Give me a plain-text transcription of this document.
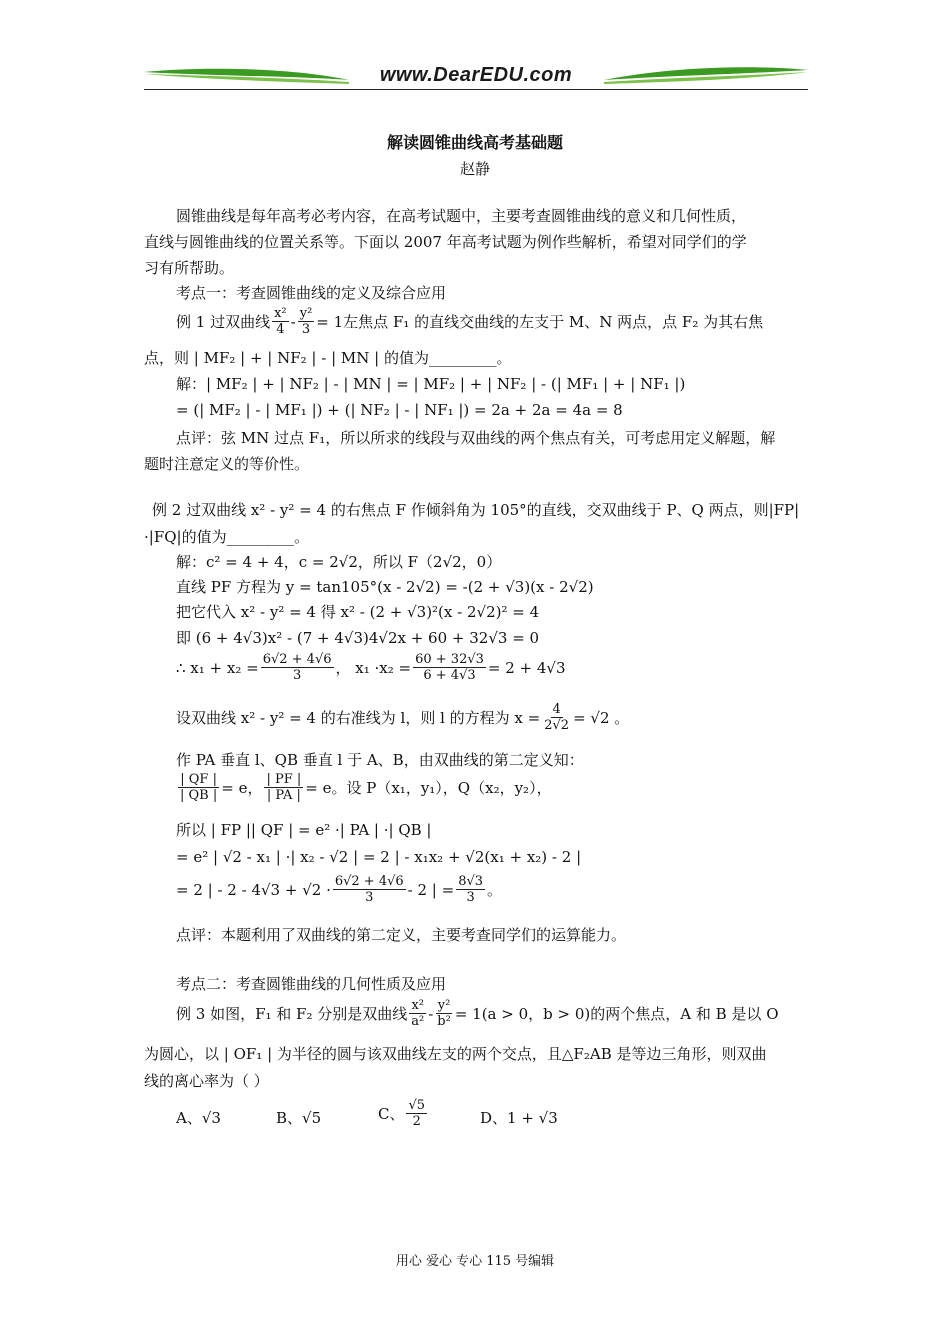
www.DearEDU.com
解读圆锥曲线高考基础题
赵静
圆锥曲线是每年高考必考内容，在高考试题中，主要考查圆锥曲线的意义和几何性质，
直线与圆锥曲线的位置关系等。下面以 2007 年高考试题为例作些解析，希望对同学们的学
习有所帮助。
考点一：考查圆锥曲线的定义及综合应用
例 1 过双曲线 $\frac{\text{x²}}{4} - \frac{\text{y²}}{3} = 1$ 左焦点 F₁ 的直线交曲线的左支于 M、N 两点，点 F₂ 为其右焦
点，则 | MF₂ | + | NF₂ | - | MN | 的值为_________。
解：| MF₂ | + | NF₂ | - | MN | = | MF₂ | + | NF₂ | - (| MF₁ | + | NF₁ |)
= (| MF₂ | - | MF₁ |) + (| NF₂ | - | NF₁ |) = 2a + 2a = 4a = 8
点评：弦 MN 过点 F₁，所以所求的线段与双曲线的两个焦点有关，可考虑用定义解题，解
题时注意定义的等价性。
例 2 过双曲线 x² - y² = 4 的右焦点 F 作倾斜角为 105°的直线，交双曲线于 P、Q 两点，则|FP|
·|FQ|的值为_________。
解：c² = 4 + 4，c = 2√2，所以 F（2√2，0）
直线 PF 方程为 y = tan105°(x - 2√2) = -(2 + √3)(x - 2√2)
把它代入 x² - y² = 4 得 x² - (2 + √3)²(x - 2√2)² = 4
即 (6 + 4√3)x² - (7 + 4√3)4√2x + 60 + 32√3 = 0
∴ $x_1 + x_2 = \frac{6√2 + 4√6}{3}$ ， $x_1 \cdot x_2 = \frac{60 + 32√3}{6 + 4√3} = 2 + 4√3$
设双曲线 x² - y² = 4 的右准线为 l ，则 l 的方程为 $x = \frac{4}{2√2} = √2$ 。
作 PA 垂直 l、QB 垂直 l 于 A、B，由双曲线的第二定义知：
$\frac{| QF |}{| QB |} = e$， $\frac{| PF |}{| PA |} = e$ 。设 P（x₁，y₁），Q（x₂，y₂），
所以 | FP || QF | = e² ·| PA | ·| QB |
= e² | √2 - x₁ | ·| x₂ - √2 | = 2 | - x₁x₂ + √2(x₁ + x₂) - 2 |
= 2 | - $2 - 4√3 + √2 \cdot \frac{6√2 + 4√6}{3} - 2$ | = $\frac{8√3}{3}$ 。
点评：本题利用了双曲线的第二定义，主要考查同学们的运算能力。
考点二：考查圆锥曲线的几何性质及应用
例 3 如图，F₁ 和 F₂ 分别是双曲线 $\frac{\text{x²}}{\text{a²}} - \frac{\text{y²}}{\text{b²}} = 1(a > 0$，b > 0) 的两个焦点，A 和 B 是以 O
为圆心，以 | OF₁ | 为半径的圆与该双曲线左支的两个交点，且△F₂AB 是等边三角形，则双曲
线的离心率为（ ）
A、√3	B、√5	C、 $\frac{√5}{2}$	D、1 + √3
用心 爱心 专心 115 号编辑
